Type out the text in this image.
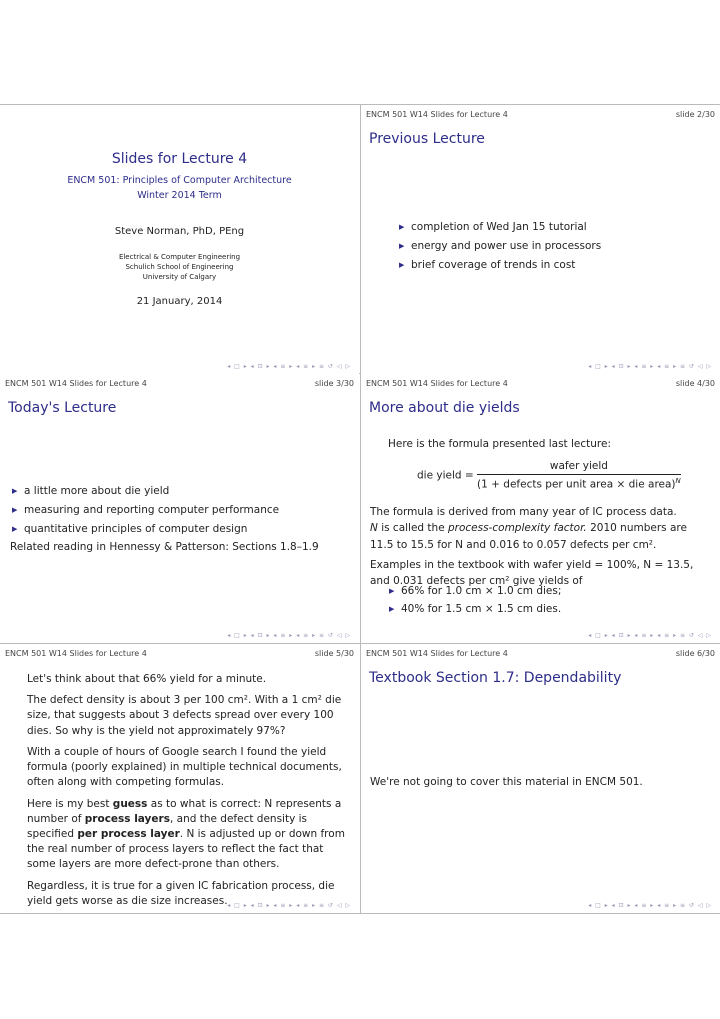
Slides for Lecture 4
ENCM 501: Principles of Computer Architecture
Winter 2014 Term
Steve Norman, PhD, PEng
Electrical & Computer Engineering
Schulich School of Engineering
University of Calgary
21 January, 2014
◂ □ ▸ ◂ ⊡ ▸ ◂ ≡ ▸ ◂ ≡ ▸ ≡ ↺ ◁ ▷
ENCM 501 W14 Slides for Lecture 4	slide 2/30
Previous Lecture
▶ completion of Wed Jan 15 tutorial
▶ energy and power use in processors
▶ brief coverage of trends in cost
◂ □ ▸ ◂ ⊡ ▸ ◂ ≡ ▸ ◂ ≡ ▸ ≡ ↺ ◁ ▷
ENCM 501 W14 Slides for Lecture 4	slide 3/30
Today's Lecture
▶ a little more about die yield
▶ measuring and reporting computer performance
▶ quantitative principles of computer design
Related reading in Hennessy & Patterson: Sections 1.8–1.9
◂ □ ▸ ◂ ⊡ ▸ ◂ ≡ ▸ ◂ ≡ ▸ ≡ ↺ ◁ ▷
ENCM 501 W14 Slides for Lecture 4	slide 4/30
More about die yields
Here is the formula presented last lecture:
die yield = $\frac{\text{wafer yield}}{(1 + defects per unit area \times die area)^N}$
The formula is derived from many year of IC process data.
N is called the process-complexity factor. 2010 numbers are
11.5 to 15.5 for N and 0.016 to 0.057 defects per cm².
Examples in the textbook with wafer yield = 100%, N = 13.5,
and 0.031 defects per cm² give yields of
▶ 66% for 1.0 cm × 1.0 cm dies;
▶ 40% for 1.5 cm × 1.5 cm dies.
◂ □ ▸ ◂ ⊡ ▸ ◂ ≡ ▸ ◂ ≡ ▸ ≡ ↺ ◁ ▷
ENCM 501 W14 Slides for Lecture 4	slide 5/30

Let's think about that 66% yield for a minute.

The defect density is about 3 per 100 cm². With a 1 cm² die size, that suggests about 3 defects spread over every 100 dies. So why is the yield not approximately 97%?

With a couple of hours of Google search I found the yield formula (poorly explained) in multiple technical documents, often along with competing formulas.

Here is my best guess as to what is correct: N represents a number of process layers, and the defect density is specified per process layer. N is adjusted up or down from the real number of process layers to reflect the fact that some layers are more defect-prone than others.

Regardless, it is true for a given IC fabrication process, die yield gets worse as die size increases. ◂ □ ▸ ◂ ⊡ ▸ ◂ ≡ ▸ ◂ ≡ ▸ ≡ ↺ ◁ ▷
ENCM 501 W14 Slides for Lecture 4	slide 6/30
Textbook Section 1.7: Dependability
We're not going to cover this material in ENCM 501.
◂ □ ▸ ◂ ⊡ ▸ ◂ ≡ ▸ ◂ ≡ ▸ ≡ ↺ ◁ ▷
